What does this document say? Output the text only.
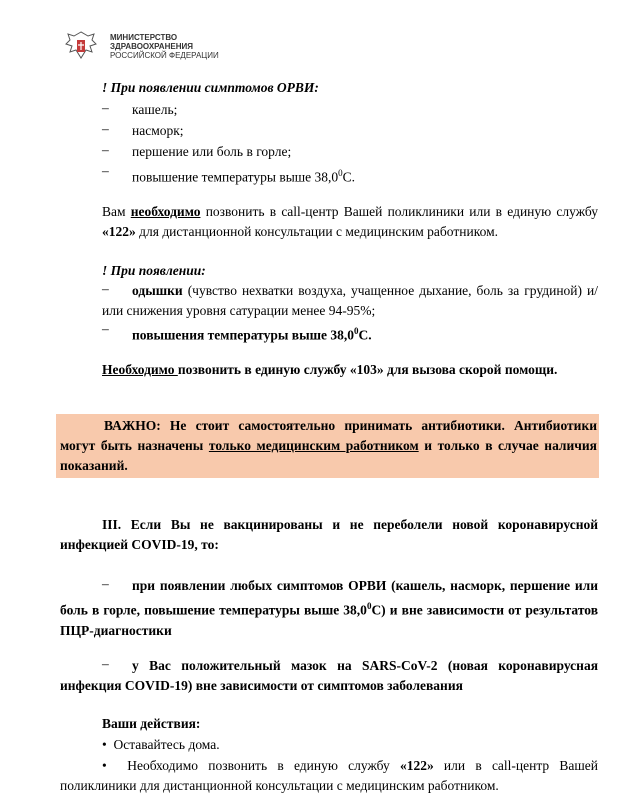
МИНИСТЕРСТВО
ЗДРАВООХРАНЕНИЯ
РОССИЙСКОЙ ФЕДЕРАЦИИ
! При появлении симптомов ОРВИ:
– кашель;
– насморк;
– першение или боль в горле;
– повышение температуры выше 38,0$^0$С.
Вам необходимо позвонить в call-центр Вашей поликлиники или в единую службу «122» для дистанционной консультации с медицинским работником.
! При появлении:
–	одышки (чувство нехватки воздуха, учащенное дыхание, боль за грудиной) и/или снижения уровня сатурации менее 94-95%;
– повышения температуры выше 38,0$^0$С.
Необходимо позвонить в единую службу «103» для вызова скорой помощи.
ВАЖНО: Не стоит самостоятельно принимать антибиотики. Антибиотики могут быть назначены только медицинским работником и только в случае наличия показаний.
III. Если Вы не вакцинированы и не переболели новой коронавирусной инфекцией COVID-19, то:
–	при появлении любых симптомов ОРВИ (кашель, насморк, першение или боль в горле, повышение температуры выше 38,0$^0$С) и вне зависимости от результатов ПЦР-диагностики
–	у Вас положительный мазок на SARS-CoV-2 (новая коронавирусная инфекция COVID-19) вне зависимости от симптомов заболевания
Ваши действия:
• Оставайтесь дома.
• Необходимо позвонить в единую службу «122» или в call-центр Вашей поликлиники для дистанционной консультации с медицинским работником.
